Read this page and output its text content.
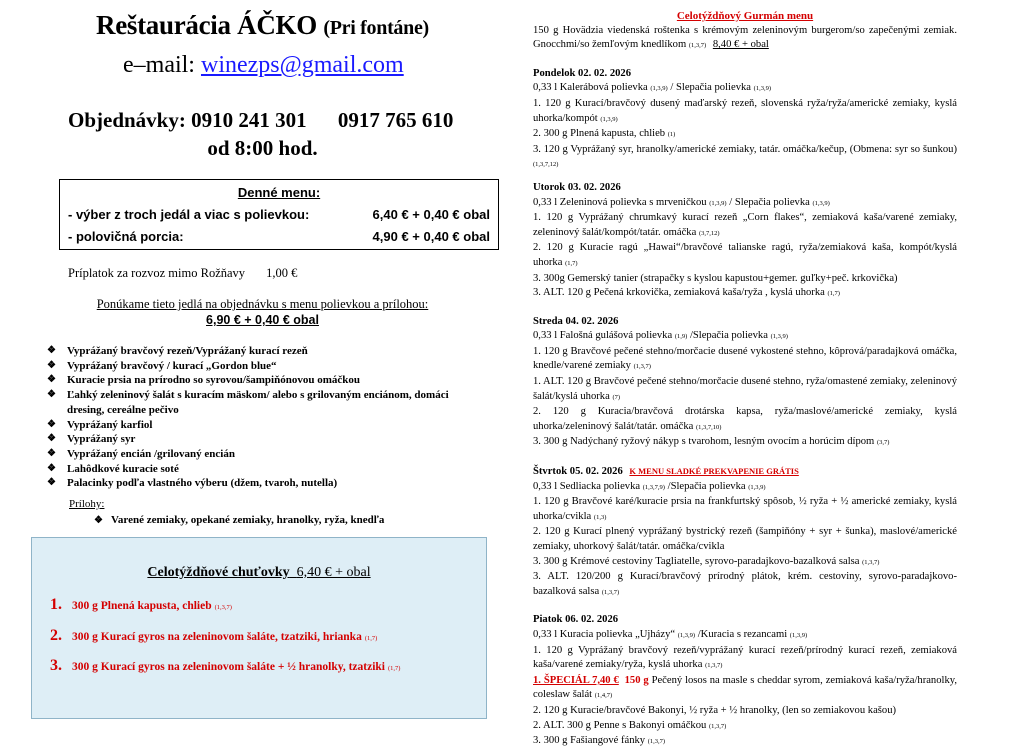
Reštaurácia ÁČKO (Pri fontáne)
e–mail: winezps@gmail.com
Objednávky: 0910 241 301 0917 765 610
od 8:00 hod.
Denné menu:
- výber z troch jedál a viac s polievkou:	6,40 € + 0,40 € obal
- polovičná porcia:	4,90 € + 0,40 € obal
Príplatok za rozvoz mimo Rožňavy 1,00 €
Ponúkame tieto jedlá na objednávku s menu polievkou a prílohou:
6,90 € + 0,40 € obal
❖ Vyprážaný bravčový rezeň/Vyprážaný kurací rezeň
❖ Vyprážaný bravčový / kurací „Gordon blue“
❖ Kuracie prsia na prírodno so syrovou/šampiňónovou omáčkou
❖ Ľahký zeleninový šalát s kuracím mäskom/ alebo s grilovaným enciánom, domáci dresing, cereálne pečivo
❖ Vyprážaný karfiol
❖ Vyprážaný syr
❖ Vyprážaný encián /grilovaný encián
❖ Lahôdkové kuracie soté
❖ Palacinky podľa vlastného výberu (džem, tvaroh, nutella)
Prílohy:
❖ Varené zemiaky, opekané zemiaky, hranolky, ryža, knedľa
Celotýždňové chuťovky 6,40 € + obal
1. 300 g Plnená kapusta, chlieb (1,3,7)
2. 300 g Kurací gyros na zeleninovom šaláte, tzatziki, hrianka (1,7)
3. 300 g Kurací gyros na zeleninovom šaláte + ½ hranolky, tzatziki (1,7)
Celotýždňový Gurmán menu
150 g Hovädzia viedenská roštenka s krémovým zeleninovým burgerom/so zapečenými zemiak. Gnocchmi/so žemľovým knedlíkom (1,3,7) 8,40 € + obal
Pondelok 02. 02. 2026
0,33 l Kalerábová polievka (1,3,9) / Slepačia polievka (1,3,9)
1. 120 g Kurací/bravčový dusený maďarský rezeň, slovenská ryža/ryža/americké zemiaky, kyslá uhorka/kompót (1,3,9)
2. 300 g Plnená kapusta, chlieb (1)
3. 120 g Vyprážaný syr, hranolky/americké zemiaky, tatár. omáčka/kečup, (Obmena: syr so šunkou) (1,3,7,12)
Utorok 03. 02. 2026
0,33 l Zeleninová polievka s mrveničkou (1,3,9) / Slepačia polievka (1,3,9)
1. 120 g Vyprážaný chrumkavý kurací rezeň „Corn flakes“, zemiaková kaša/varené zemiaky, zeleninový šalát/kompót/tatár. omáčka (3,7,12)
2. 120 g Kuracie ragú „Hawai“/bravčové talianske ragú, ryža/zemiaková kaša, kompót/kyslá uhorka (1,7)
3. 300g Gemerský tanier (strapačky s kyslou kapustou+gemer. guľky+peč. krkovička)
3. ALT. 120 g Pečená krkovička, zemiaková kaša/ryža , kyslá uhorka (1,7)
Streda 04. 02. 2026
0,33 l Falošná gulášová polievka (1,9) /Slepačia polievka (1,3,9)
1. 120 g Bravčové pečené stehno/morčacie dusené vykostené stehno, kôprová/paradajková omáčka, knedle/varené zemiaky (1,3,7)
1. ALT. 120 g Bravčové pečené stehno/morčacie dusené stehno, ryža/omastené zemiaky, zeleninový šalát/kyslá uhorka (7)
2. 120 g Kuracia/bravčová drotárska kapsa, ryža/maslové/americké zemiaky, kyslá uhorka/zeleninový šalát/tatár. omáčka (1,3,7,10)
3. 300 g Nadýchaný ryžový nákyp s tvarohom, lesným ovocím a horúcim dípom (3,7)
Štvrtok 05. 02. 2026 K MENU SLADKÉ PREKVAPENIE GRÁTIS
0,33 l Sedliacka polievka (1,3,7,9) /Slepačia polievka (1,3,9)
1. 120 g Bravčové karé/kuracie prsia na frankfurtský spôsob, ½ ryža + ½ americké zemiaky, kyslá uhorka/cvikla (1,3)
2. 120 g Kurací plnený vyprážaný bystrický rezeň (šampiňóny + syr + šunka), maslové/americké zemiaky, uhorkový šalát/tatár. omáčka/cvikla
3. 300 g Krémové cestoviny Tagliatelle, syrovo-paradajkovo-bazalková salsa (1,3,7)
3. ALT. 120/200 g Kurací/bravčový prírodný plátok, krém. cestoviny, syrovo-paradajkovo-bazalková salsa (1,3,7)
Piatok 06. 02. 2026
0,33 l Kuracia polievka „Ujházy“ (1,3,9) /Kuracia s rezancami (1,3,9)
1. 120 g Vyprážaný bravčový rezeň/vyprážaný kurací rezeň/prírodný kurací rezeň, zemiaková kaša/varené zemiaky/ryža, kyslá uhorka (1,3,7)
1. ŠPECIÁL 7,40 € 150 g Pečený losos na masle s cheddar syrom, zemiaková kaša/ryža/hranolky, coleslaw šalát (1,4,7)
2. 120 g Kuracie/bravčové Bakonyi, ½ ryža + ½ hranolky, (len so zemiakovou kašou)
2. ALT. 300 g Penne s Bakonyi omáčkou (1,3,7)
3. 300 g Fašiangové fánky (1,3,7)
